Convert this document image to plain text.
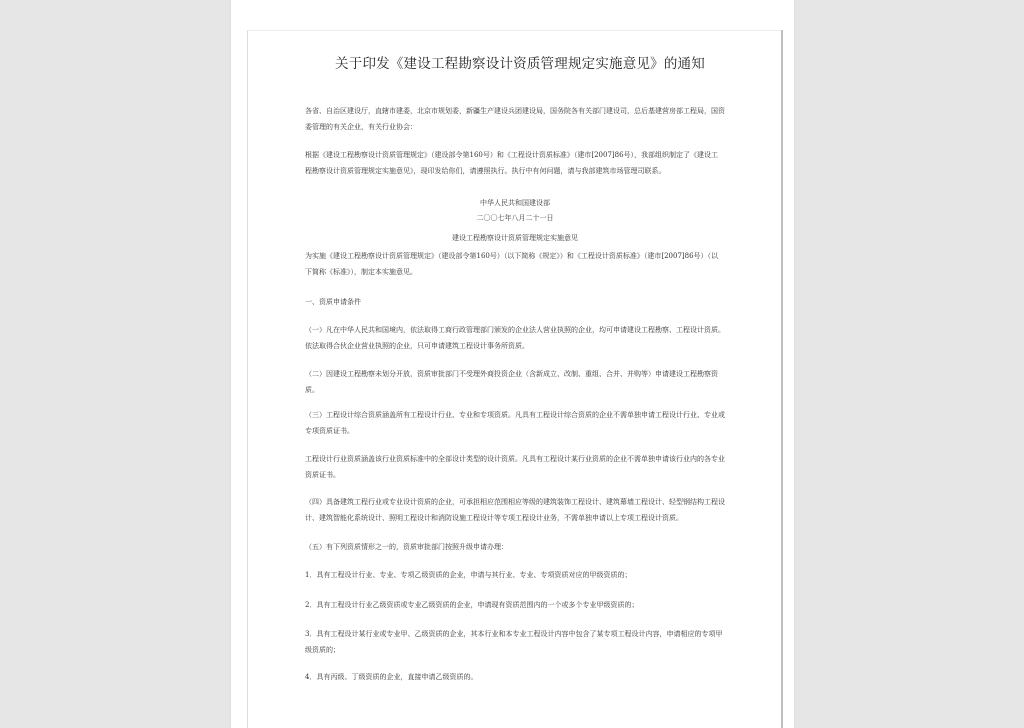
关于印发《建设工程勘察设计资质管理规定实施意见》的通知
各省、自治区建设厅，直辖市建委，北京市规划委，新疆生产建设兵团建设局，国务院各有关部门建设司，总后基建营房部工程局，国资委管理的有关企业，有关行业协会：
根据《建设工程勘察设计资质管理规定》（建设部令第160号）和《工程设计资质标准》（建市[2007]86号），我部组织制定了《建设工程勘察设计资质管理规定实施意见》，现印发给你们，请遵照执行。执行中有何问题，请与我部建筑市场管理司联系。
中华人民共和国建设部
二〇〇七年八月二十一日
建设工程勘察设计资质管理规定实施意见
为实施《建设工程勘察设计资质管理规定》（建设部令第160号）（以下简称《规定》）和《工程设计资质标准》（建市[2007]86号）（以下简称《标准》），制定本实施意见。
一、资质申请条件
（一）凡在中华人民共和国境内，依法取得工商行政管理部门颁发的企业法人营业执照的企业，均可申请建设工程勘察、工程设计资质。依法取得合伙企业营业执照的企业，只可申请建筑工程设计事务所资质。
（二）因建设工程勘察未划分开放，资质审批部门不受理外商投资企业（含新成立、改制、重组、合并、并购等）申请建设工程勘察资质。
（三）工程设计综合资质涵盖所有工程设计行业、专业和专项资质。凡具有工程设计综合资质的企业不需单独申请工程设计行业、专业或专项资质证书。
工程设计行业资质涵盖该行业资质标准中的全部设计类型的设计资质。凡具有工程设计某行业资质的企业不需单独申请该行业内的各专业资质证书。
（四）具备建筑工程行业或专业设计资质的企业，可承担相应范围相应等级的建筑装饰工程设计、建筑幕墙工程设计、轻型钢结构工程设计、建筑智能化系统设计、照明工程设计和消防设施工程设计等专项工程设计业务，不需单独申请以上专项工程设计资质。
（五）有下列资质情形之一的，资质审批部门按照升级申请办理：
1．具有工程设计行业、专业、专项乙级资质的企业，申请与其行业、专业、专项资质对应的甲级资质的；
2．具有工程设计行业乙级资质或专业乙级资质的企业，申请现有资质范围内的一个或多个专业甲级资质的；
3．具有工程设计某行业或专业甲、乙级资质的企业，其本行业和本专业工程设计内容中包含了某专项工程设计内容，申请相应的专项甲级资质的；
4．具有丙级、丁级资质的企业，直接申请乙级资质的。
